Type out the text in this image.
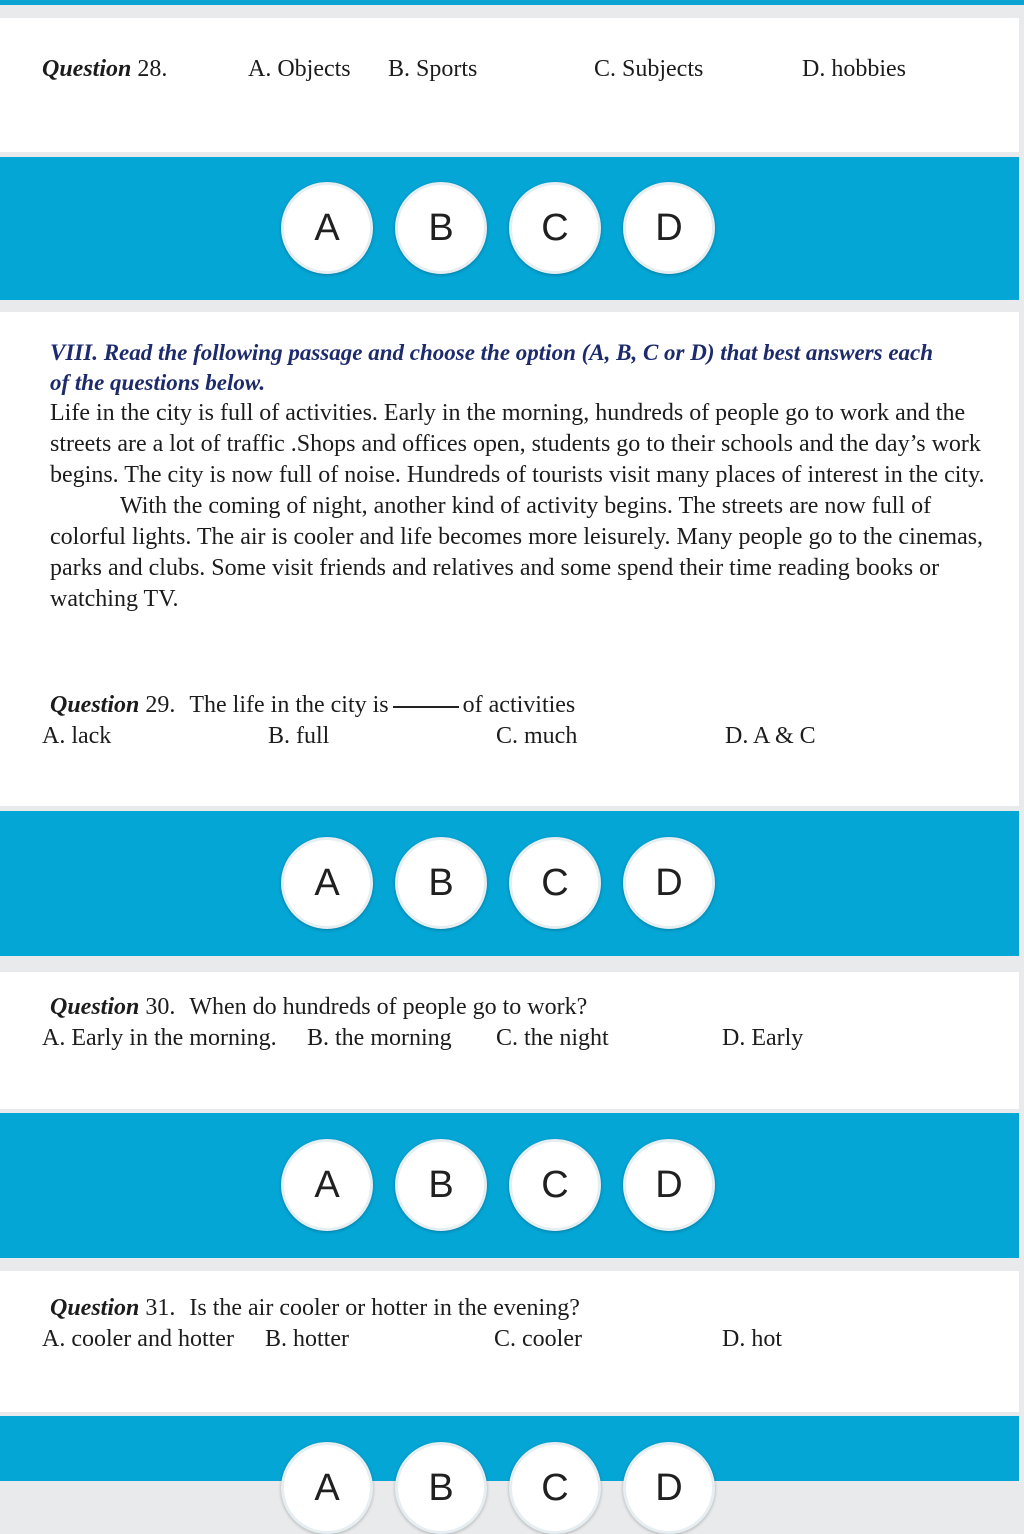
Question 28.	A. Objects B. Sports	C. Subjects	D. hobbies
A	B	C	D
VIII. Read the following passage and choose the option (A, B, C or D) that best answers each of the questions below.

Life in the city is full of activities. Early in the morning, hundreds of people go to work and the streets are a lot of traffic .Shops and offices open, students go to their schools and the day’s work begins. The city is now full of noise. Hundreds of tourists visit many places of interest in the city.

With the coming of night, another kind of activity begins. The streets are now full of colorful lights. The air is cooler and life becomes more leisurely. Many people go to the cinemas, parks and clubs. Some visit friends and relatives and some spend their time reading books or watching TV.

Question 29. The life in the city is	of activities
A. lack	B. full	C. much	D. A & C
A	B	C	D
Question 30. When do hundreds of people go to work?
A. Early in the morning. B. the morning C. the night	D. Early
A	B	C	D
Question 31. Is the air cooler or hotter in the evening?
A. cooler and hotter B. hotter	C. cooler	D. hot
A	B	C	D
